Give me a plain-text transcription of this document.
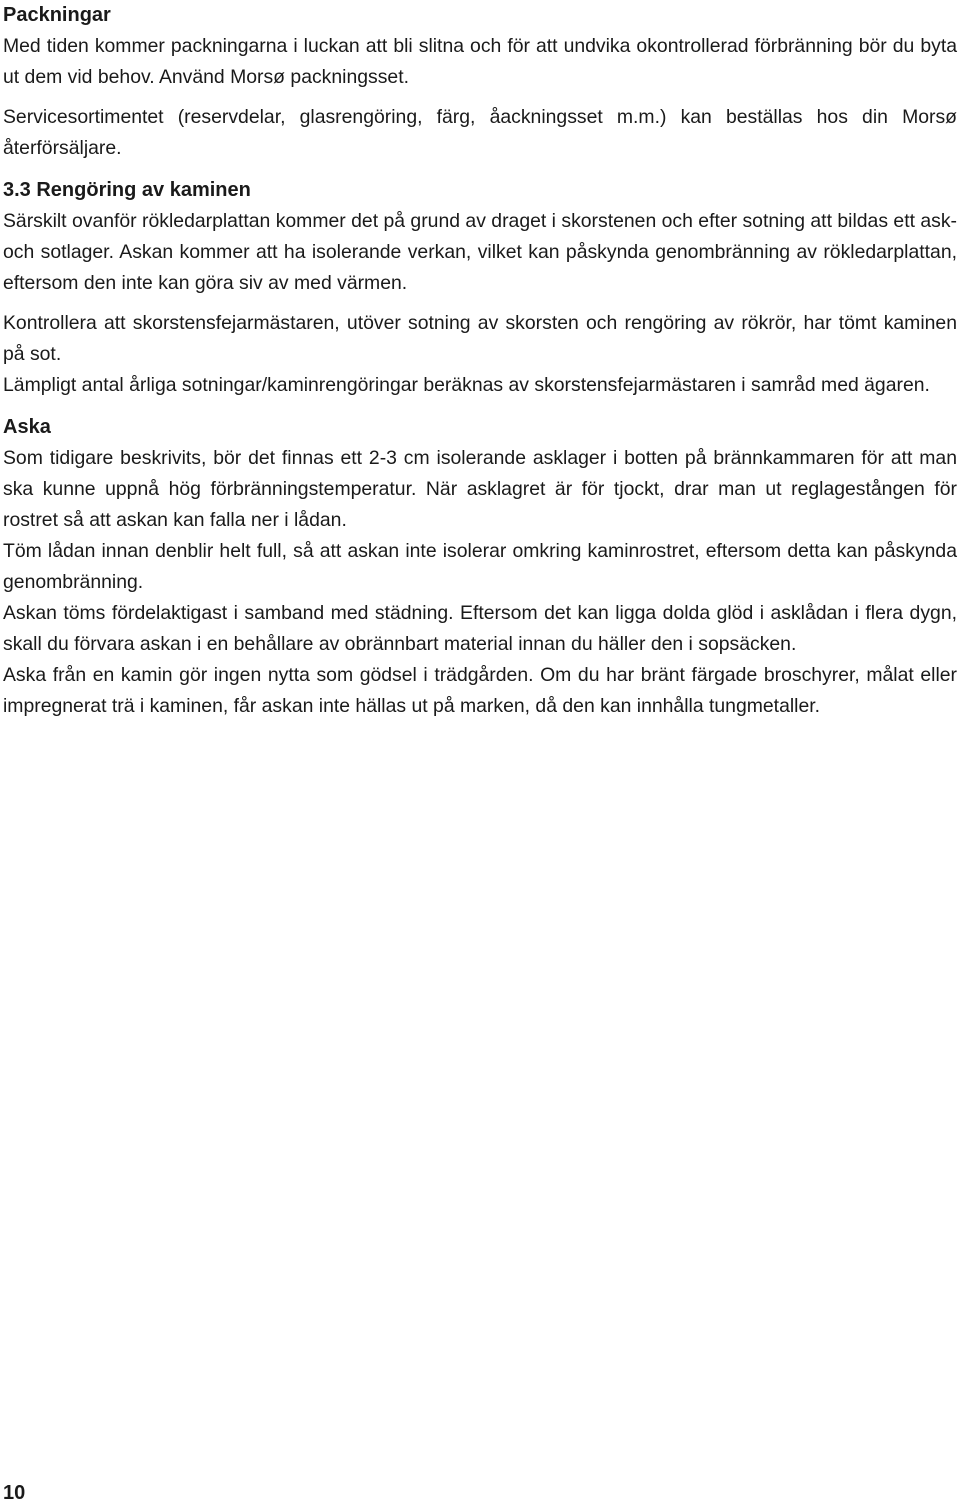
Packningar

Med tiden kommer packningarna i luckan att bli slitna och för att undvika okontrollerad förbränning bör du byta ut dem vid behov. Använd Morsø packningsset.

Servicesortimentet (reservdelar, glasrengöring, färg, åackningsset m.m.) kan beställas hos din Morsø återförsäljare.

3.3 Rengöring av kaminen

Särskilt ovanför rökledarplattan kommer det på grund av draget i skorstenen och efter sotning att bildas ett ask- och sotlager. Askan kommer att ha isolerande verkan, vilket kan påskynda genombränning av rökledarplattan, eftersom den inte kan göra siv av med värmen.

Kontrollera att skorstensfejarmästaren, utöver sotning av skorsten och rengöring av rökrör, har tömt kaminen på sot.

Lämpligt antal årliga sotningar/kaminrengöringar beräknas av skorstensfejarmästaren i samråd med ägaren.

Aska

Som tidigare beskrivits, bör det finnas ett 2-3 cm isolerande asklager i botten på brännkammaren för att man ska kunne uppnå hög förbränningstemperatur. När asklagret är för tjockt, drar man ut reglagestången för rostret så att askan kan falla ner i lådan.

Töm lådan innan denblir helt full, så att askan inte isolerar omkring kaminrostret, eftersom detta kan påskynda genombränning.

Askan töms fördelaktigast i samband med städning. Eftersom det kan ligga dolda glöd i asklådan i flera dygn, skall du förvara askan i en behållare av obrännbart material innan du häller den i sopsäcken.

Aska från en kamin gör ingen nytta som gödsel i trädgården. Om du har bränt färgade broschyrer, målat eller impregnerat trä i kaminen, får askan inte hällas ut på marken, då den kan innhålla tungmetaller.

10
